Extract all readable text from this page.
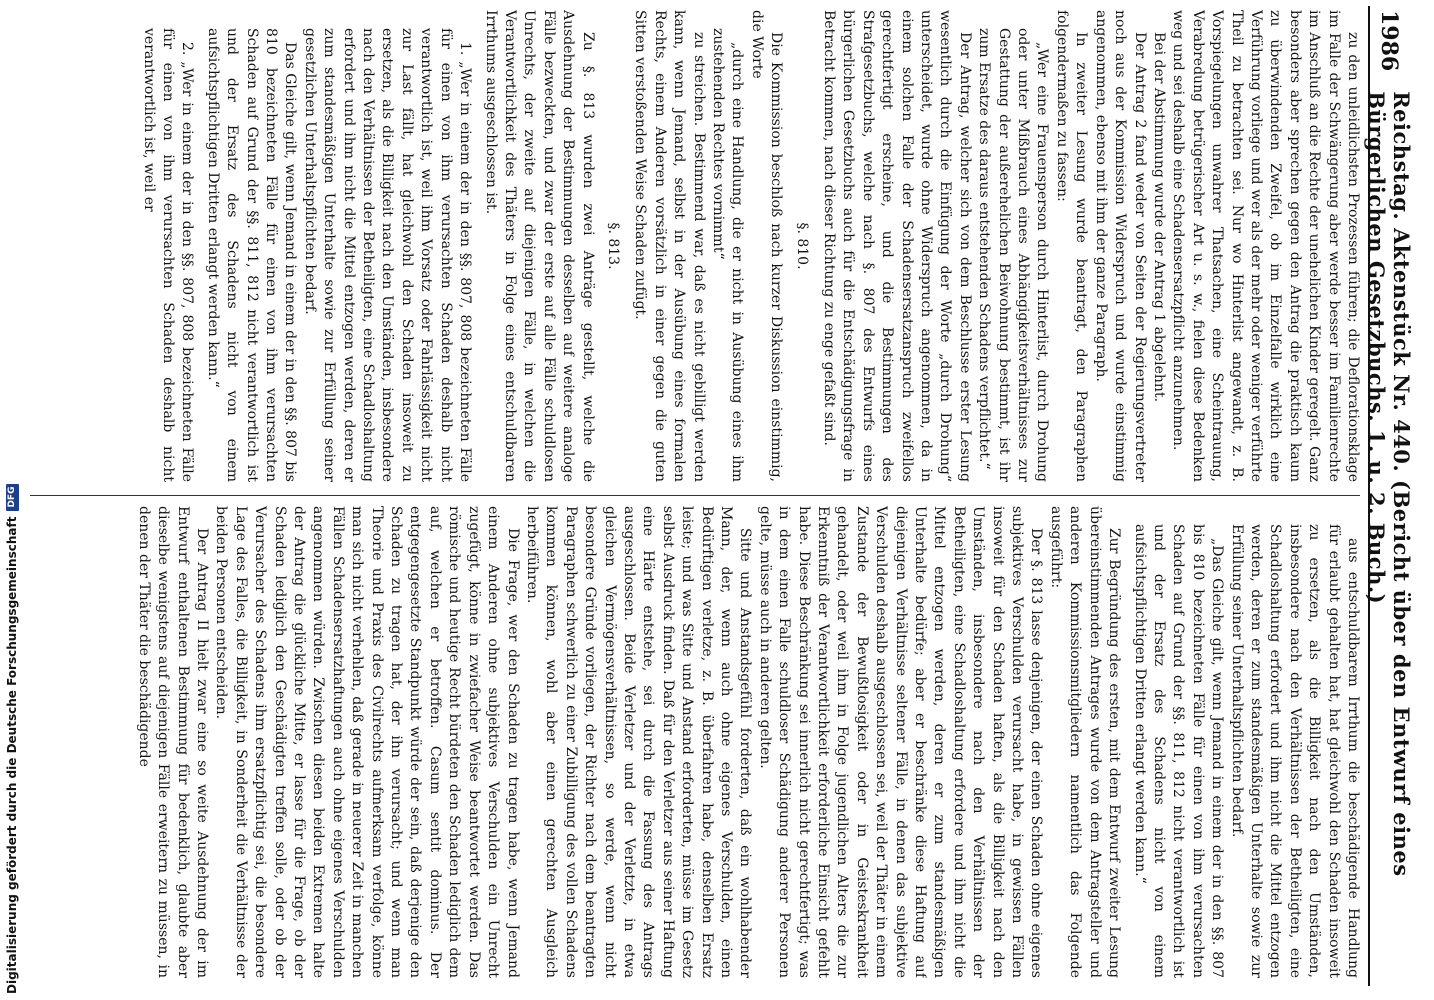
Digitalisierung gefördert durch die Deutsche Forschungsgemeinschaft
DFG
1986
Reichstag. Aktenstück Nr. 440. (Bericht über den Entwurf eines Bürgerlichen Gesetzbuchs. 1. u. 2. Buch.)

zu den unleidlichsten Prozessen führen; die Deflorationsklage im Falle der Schwängerung aber werde besser im Familienrechte im Anschluß an die Rechte der unehelichen Kinder geregelt. Ganz besonders aber sprechen gegen den Antrag die praktisch kaum zu überwindenden Zweifel, ob im Einzelfalle wirklich eine Verführung vorliege und wer als der mehr oder weniger verführte Theil zu betrachten sei. Nur wo Hinterlist angewandt, z. B. Vorspiegelungen unwahrer Thatsachen, eine Scheintrauung, Verabredung betrügerischer Art u. s. w., fielen diese Bedenken weg und sei deshalb eine Schadensersatzpflicht anzunehmen.

Bei der Abstimmung wurde der Antrag 1 abgelehnt.

Der Antrag 2 fand weder von Seiten der Regierungsvertreter noch aus der Kommission Widerspruch und wurde einstimmig angenommen, ebenso mit ihm der ganze Paragraph.

In zweiter Lesung wurde beantragt, den Paragraphen folgendermaßen zu fassen:

„Wer eine Frauensperson durch Hinterlist, durch Drohung oder unter Mißbrauch eines Abhängigkeitsverhältnisses zur Gestattung der außerehelichen Beiwohnung bestimmt, ist ihr zum Ersatze des daraus entstehenden Schadens verpflichtet.“

Der Antrag, welcher sich von dem Beschlusse erster Lesung wesentlich durch die Einfügung der Worte „durch Drohung“ unterscheidet, wurde ohne Widerspruch angenommen, da in einem solchen Falle der Schadensersatzanspruch zweifellos gerechtfertigt erscheine, und die Bestimmungen des Strafgesetzbuchs, welche nach §. 807 des Entwurfs eines bürgerlichen Gesetzbuchs auch für die Entschädigungsfrage in Betracht kommen, nach dieser Richtung zu enge gefaßt sind.

§. 810.

Die Kommission beschloß nach kurzer Diskussion einstimmig, die Worte

„durch eine Handlung, die er nicht in Ausübung eines ihm zustehenden Rechtes vornimmt“

zu streichen. Bestimmend war, daß es nicht gebilligt werden kann, wenn Jemand, selbst in der Ausübung eines formalen Rechts, einem Anderen vorsätzlich in einer gegen die guten Sitten verstoßenden Weise Schaden zufügt.

§. 813.

Zu §. 813 wurden zwei Anträge gestellt, welche die Ausdehnung der Bestimmungen desselben auf weitere analoge Fälle bezweckten, und zwar der erste auf alle Fälle schuldlosen Unrechts, der zweite auf diejenigen Fälle, in welchen die Verantwortlichkeit des Thäters in Folge eines entschuldbaren Irrthums ausgeschlossen ist.

1. „Wer in einem der in den §§. 807, 808 bezeichneten Fälle für einen von ihm verursachten Schaden deshalb nicht verantwortlich ist, weil ihm Vorsatz oder Fahrlässigkeit nicht zur Last fällt, hat gleichwohl den Schaden insoweit zu ersetzen, als die Billigkeit nach den Umständen, insbesondere nach den Verhältnissen der Betheiligten, eine Schadloshaltung erfordert und ihm nicht die Mittel entzogen werden, deren er zum standesmäßigen Unterhalte sowie zur Erfüllung seiner gesetzlichen Unterhaltspflichten bedarf.

Das Gleiche gilt, wenn Jemand in einem der in den §§. 807 bis 810 bezeichneten Fälle für einen von ihm verursachten Schaden auf Grund der §§. 811, 812 nicht verantwortlich ist und der Ersatz des Schadens nicht von einem aufsichtspflichtigen Dritten erlangt werden kann.“

2. „Wer in einem der in den §§. 807, 808 bezeichneten Fälle für einen von ihm verursachten Schaden deshalb nicht verantwortlich ist, weil er

aus entschuldbarem Irrthum die beschädigende Handlung für erlaubt gehalten hat, hat gleichwohl den Schaden insoweit zu ersetzen, als die Billigkeit nach den Umständen, insbesondere nach den Verhältnissen der Betheiligten, eine Schadloshaltung erfordert und ihm nicht die Mittel entzogen werden, deren er zum standesmäßigen Unterhalte sowie zur Erfüllung seiner Unterhaltspflichten bedarf.

„Das Gleiche gilt, wenn Jemand in einem der in den §§. 807 bis 810 bezeichneten Fälle für einen von ihm verursachten Schaden auf Grund der §§. 811, 812 nicht verantwortlich ist und der Ersatz des Schadens nicht von einem aufsichtspflichtigen Dritten erlangt werden kann.“

Zur Begründung des ersten, mit dem Entwurf zweiter Lesung übereinstimmenden Antrages wurde von dem Antragsteller und anderen Kommissionsmitgliedern namentlich das Folgende ausgeführt:

Der §. 813 lasse denjenigen, der einen Schaden ohne eigenes subjektives Verschulden verursacht habe, in gewissen Fällen insoweit für den Schaden haften, als die Billigkeit nach den Umständen, insbesondere nach den Verhältnissen der Betheiligten, eine Schadloshaltung erfordere und ihm nicht die Mittel entzogen werden, deren er zum standesmäßigen Unterhalte bedürfe; aber er beschränke diese Haftung auf diejenigen Verhältnisse seltener Fälle, in denen das subjektive Verschulden deshalb ausgeschlossen sei, weil der Thäter in einem Zustande der Bewußtlosigkeit oder in Geisteskrankheit gehandelt, oder weil ihm in Folge jugendlichen Alters die zur Erkenntniß der Verantwortlichkeit erforderliche Einsicht gefehlt habe. Diese Beschränkung sei innerlich nicht gerechtfertigt; was in dem einen Falle schuldloser Schädigung anderer Personen gelte, müsse auch in anderen gelten.

Sitte und Anstandsgefühl forderten, daß ein wohlhabender Mann, der, wenn auch ohne eigenes Verschulden, einen Bedürftigen verletze, z. B. überfahren habe, denselben Ersatz leiste; und was Sitte und Anstand erforderten, müsse im Gesetz selbst Ausdruck finden. Daß für den Verletzer aus seiner Haftung eine Härte entstehe, sei durch die Fassung des Antrags ausgeschlossen. Beide Verletzer und der Verletzte, in etwa gleichen Vermögensverhältnissen, so werde, wenn nicht besondere Gründe vorliegen, der Richter nach dem beantragten Paragraphen schwerlich zu einer Zubilligung des vollen Schadens kommen können, wohl aber einen gerechten Ausgleich herbeiführen.

Die Frage, wer den Schaden zu tragen habe, wenn Jemand einem Anderen ohne subjektives Verschulden ein Unrecht zugefügt, könne in zwiefacher Weise beantwortet werden. Das römische und heutige Recht bürdeten den Schaden lediglich dem auf, welchen er betroffen. Casum sentit dominus. Der entgegengesetzte Standpunkt würde der sein, daß derjenige den Schaden zu tragen hat, der ihn verursacht; und wenn man Theorie und Praxis des Civilrechts aufmerksam verfolge, könne man sich nicht verhehlen, daß gerade in neuerer Zeit in manchen Fällen Schadensersatzhaftungen auch ohne eigenes Verschulden angenommen würden. Zwischen diesen beiden Extremen halte der Antrag die glückliche Mitte, er lasse für die Frage, ob der Schaden lediglich den Geschädigten treffen solle, oder ob der Verursacher des Schadens ihm ersatzpflichtig sei, die besondere Lage des Falles, die Billigkeit, in Sonderheit die Verhältnisse der beiden Personen entscheiden.

Der Antrag II hielt zwar eine so weite Ausdehnung der im Entwurf enthaltenen Bestimmung für bedenklich, glaubte aber dieselbe wenigstens auf diejenigen Fälle erweitern zu müssen, in denen der Thäter die beschädigende
